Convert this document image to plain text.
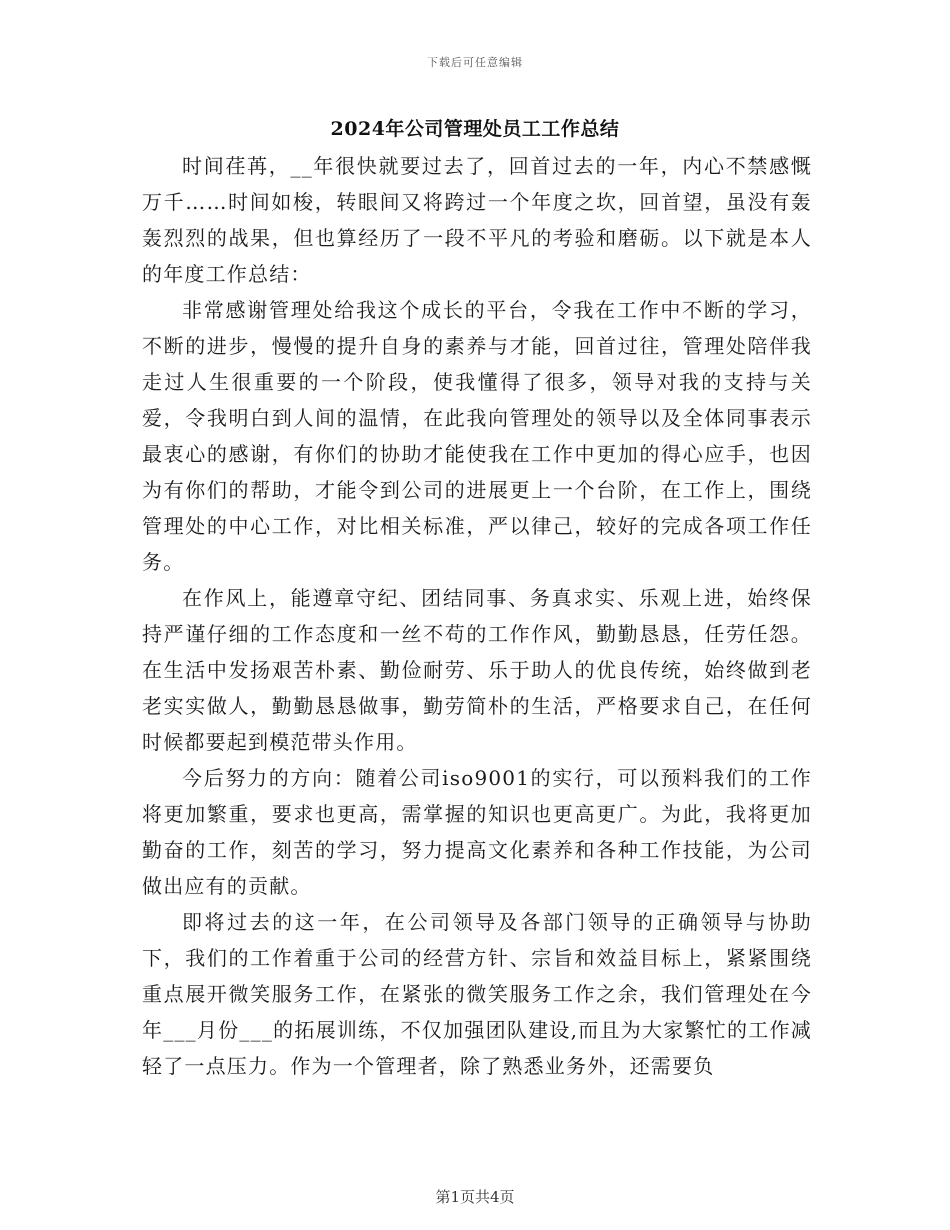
下载后可任意编辑
2024年公司管理处员工工作总结

时间荏苒，__年很快就要过去了，回首过去的一年，内心不禁感慨万千……时间如梭，转眼间又将跨过一个年度之坎，回首望，虽没有轰轰烈烈的战果，但也算经历了一段不平凡的考验和磨砺。以下就是本人的年度工作总结：

非常感谢管理处给我这个成长的平台，令我在工作中不断的学习，不断的进步，慢慢的提升自身的素养与才能，回首过往，管理处陪伴我走过人生很重要的一个阶段，使我懂得了很多，领导对我的支持与关爱，令我明白到人间的温情，在此我向管理处的领导以及全体同事表示最衷心的感谢，有你们的协助才能使我在工作中更加的得心应手，也因为有你们的帮助，才能令到公司的进展更上一个台阶，在工作上，围绕管理处的中心工作，对比相关标准，严以律己，较好的完成各项工作任务。

在作风上，能遵章守纪、团结同事、务真求实、乐观上进，始终保持严谨仔细的工作态度和一丝不苟的工作作风，勤勤恳恳，任劳任怨。在生活中发扬艰苦朴素、勤俭耐劳、乐于助人的优良传统，始终做到老老实实做人，勤勤恳恳做事，勤劳简朴的生活，严格要求自己，在任何时候都要起到模范带头作用。

今后努力的方向：随着公司iso9001的实行，可以预料我们的工作将更加繁重，要求也更高，需掌握的知识也更高更广。为此，我将更加勤奋的工作，刻苦的学习，努力提高文化素养和各种工作技能，为公司做出应有的贡献。

即将过去的这一年，在公司领导及各部门领导的正确领导与协助下，我们的工作着重于公司的经营方针、宗旨和效益目标上，紧紧围绕重点展开微笑服务工作，在紧张的微笑服务工作之余，我们管理处在今年___月份___的拓展训练，不仅加强团队建设,而且为大家繁忙的工作减轻了一点压力。作为一个管理者，除了熟悉业务外，还需要负

第1页共4页
